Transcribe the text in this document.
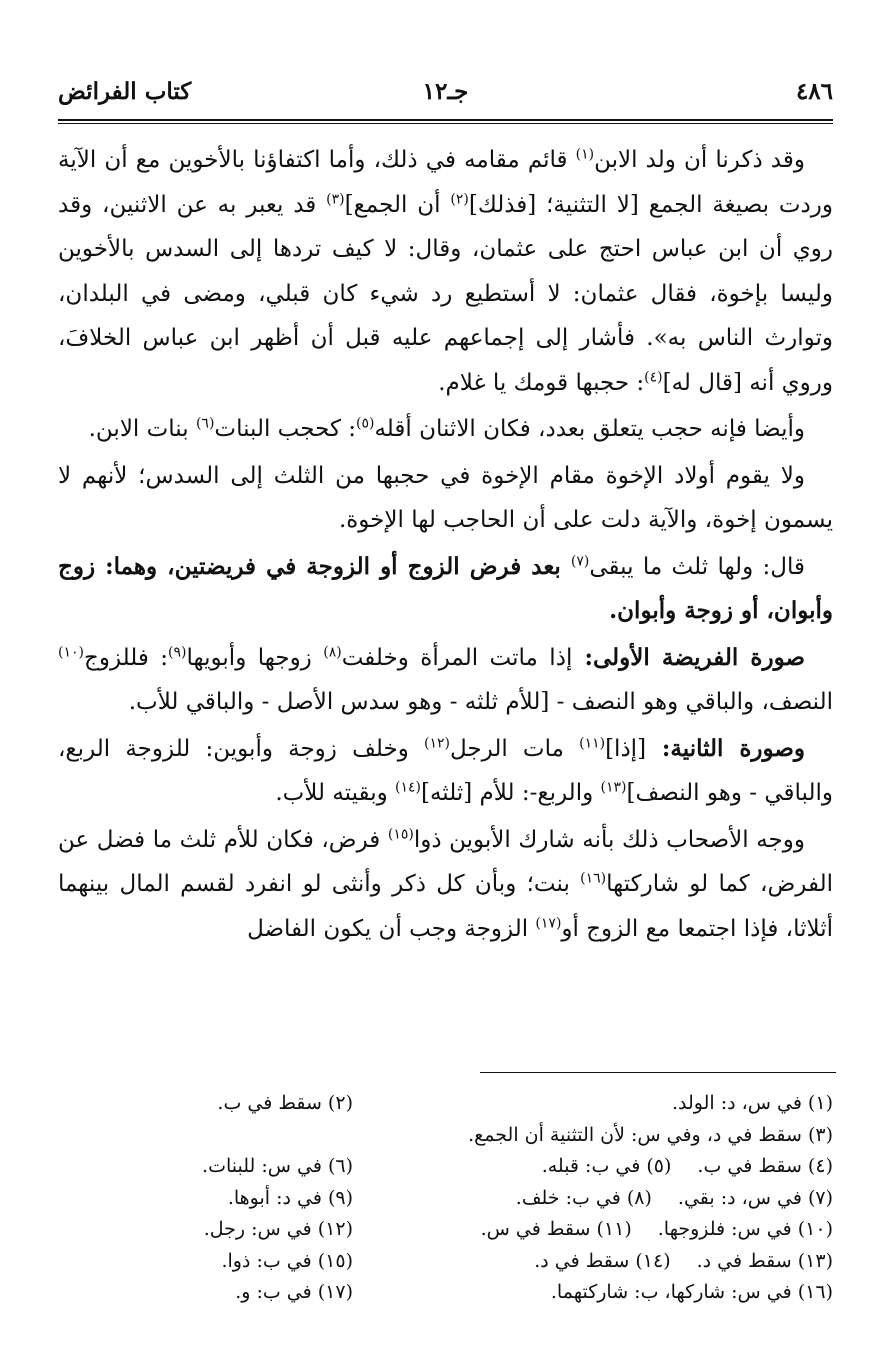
٤٨٦
جـ١٢
كتاب الفرائض

وقد ذكرنا أن ولد الابن$^{(١)}$ قائم مقامه في ذلك، وأما اكتفاؤنا بالأخوين مع أن الآية وردت بصيغة الجمع [لا التثنية؛ [فذلك]$^{(٢)}$ أن الجمع]$^{(٣)}$ قد يعبر به عن الاثنين، وقد روي أن ابن عباس احتج على عثمان، وقال: لا كيف تردها إلى السدس بالأخوين وليسا بإخوة، فقال عثمان: لا أستطيع رد شيء كان قبلي، ومضى في البلدان، وتوارث الناس به». فأشار إلى إجماعهم عليه قبل أن أظهر ابن عباس الخلافَ، وروي أنه [قال له]$^{(٤)}$: حجبها قومك يا غلام.

وأيضا فإنه حجب يتعلق بعدد، فكان الاثنان أقله$^{(٥)}$: كحجب البنات$^{(٦)}$ بنات الابن.

ولا يقوم أولاد الإخوة مقام الإخوة في حجبها من الثلث إلى السدس؛ لأنهم لا يسمون إخوة، والآية دلت على أن الحاجب لها الإخوة.

قال: ولها ثلث ما يبقى$^{(٧)}$ بعد فرض الزوج أو الزوجة في فريضتين، وهما: زوج وأبوان، أو زوجة وأبوان.

صورة الفريضة الأولى: إذا ماتت المرأة وخلفت$^{(٨)}$ زوجها وأبويها$^{(٩)}$: فللزوج$^{(١٠)}$ النصف، والباقي وهو النصف - [للأم ثلثه - وهو سدس الأصل - والباقي للأب.

وصورة الثانية: [إذا]$^{(١١)}$ مات الرجل$^{(١٢)}$ وخلف زوجة وأبوين: للزوجة الربع، والباقي - وهو النصف]$^{(١٣)}$ والربع-: للأم [ثلثه]$^{(١٤)}$ وبقيته للأب.

ووجه الأصحاب ذلك بأنه شارك الأبوين ذوا$^{(١٥)}$ فرض، فكان للأم ثلث ما فضل عن الفرض، كما لو شاركتها$^{(١٦)}$ بنت؛ وبأن كل ذكر وأنثى لو انفرد لقسم المال بينهما أثلاثا، فإذا اجتمعا مع الزوج أو$^{(١٧)}$ الزوجة وجب أن يكون الفاضل

(١) في س، د: الولد.
(٢) سقط في ب.
(٣) سقط في د، وفي س: لأن التثنية أن الجمع.
(٤) سقط في ب.(٥) في ب: قبله.
(٦) في س: للبنات.
(٧) في س، د: بقي.(٨) في ب: خلف.
(٩) في د: أبوها.
(١٠) في س: فلزوجها.(١١) سقط في س.
(١٢) في س: رجل.
(١٣) سقط في د.(١٤) سقط في د.
(١٥) في ب: ذوا.
(١٦) في س: شاركها، ب: شاركتهما.
(١٧) في ب: و.
